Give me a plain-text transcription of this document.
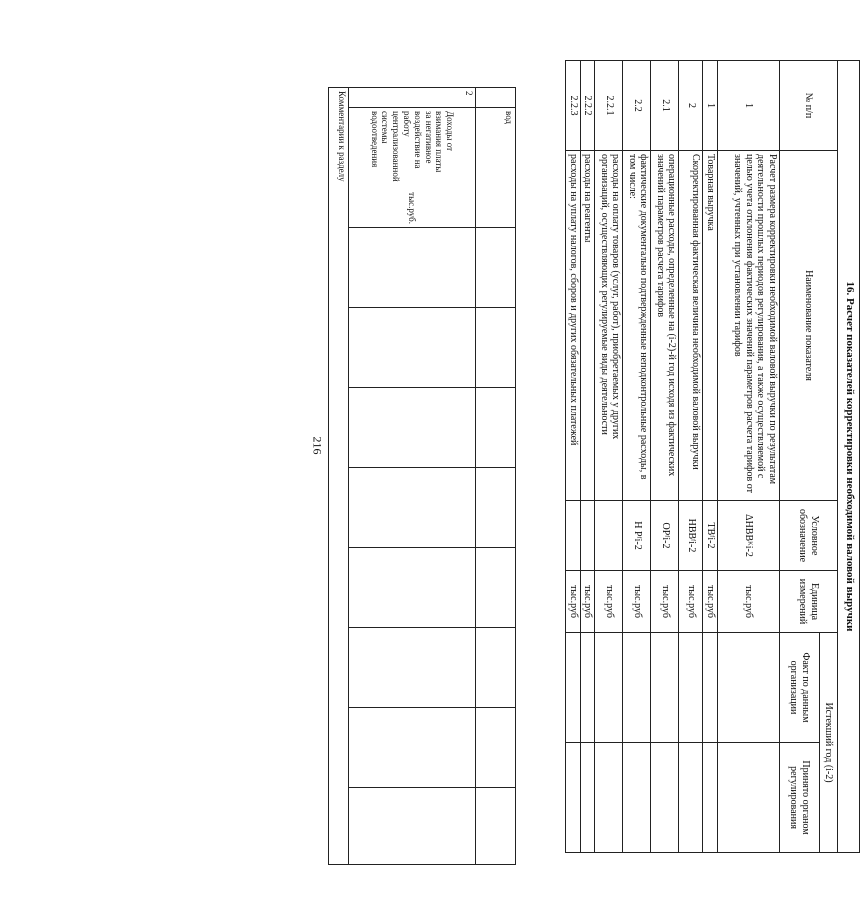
216
	вод								
2	Доходы от взимания платы за негативное воздействие на работу централизованной системы водоотведения
тыс.руб.								

Комментарии к разделу									
16. Расчет показателей корректировки необходимой валовой выручки					
№ п/п	Наименование показателя	Условное обозначение	Единица измерений	Истекший год (i-2)	
				Факт по данным организации	Принято органом регулирования
1	Расчет размера корректировки необходимой валовой выручки по результатам деятельности прошлых периодов регулирования, а также осуществляемой с целью учета отклонения фактических значений параметров расчета тарифов от значений, учтенных при установлении тарифов	ΔНВВᴷi-2	тыс.руб		
1	Товарная выручка	ТВᶠi-2	тыс.руб		
2	Скорректированная фактическая величина необходимой валовой выручки	НВВᶠi-2	тыс.руб		
2.1	операционные расходы, определенные на (i-2)-й год исходя из фактических значений параметров расчета тарифов	ОРᶠi-2	тыс.руб		
2.2	фактические документально подтвержденные неподконтрольные расходы, в том числе:	Н Рᶠi-2	тыс.руб		
2.2.1	расходы на оплату товаров (услуг, работ), приобретаемых у других организаций, осуществляющих регулируемые виды деятельности		тыс.руб		
2.2.2	расходы на реагенты		тыс.руб		
2.2.3	расходы на уплату налогов, сборов и других обязательных платежей		тыс.руб		
